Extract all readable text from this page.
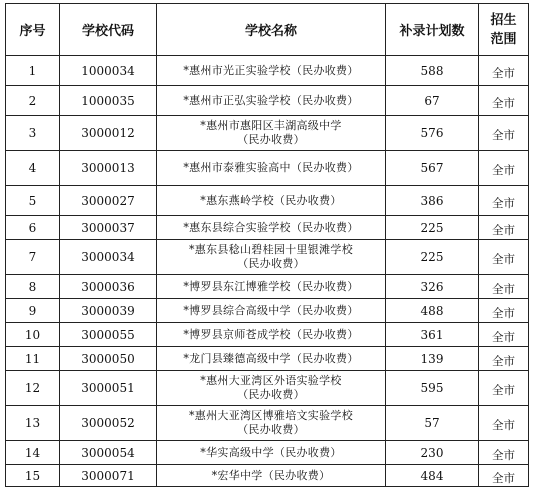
序号	学校代码	学校名称	补录计划数	招生
范围

1	1000034	*惠州市光正实验学校（民办收费）	588	全市
2	1000035	*惠州市正弘实验学校（民办收费）	67	全市
3	3000012	*惠州市惠阳区丰湖高级中学
（民办收费）	576	全市
4	3000013	*惠州市泰雅实验高中（民办收费）	567	全市
5	3000027	*惠东燕岭学校（民办收费）	386	全市
6	3000037	*惠东县综合实验学校（民办收费）	225	全市
7	3000034	*惠东县稔山碧桂园十里银滩学校
（民办收费）	225	全市
8	3000036	*博罗县东江博雅学校（民办收费）	326	全市
9	3000039	*博罗县综合高级中学（民办收费）	488	全市
10	3000055	*博罗县京师苍成学校（民办收费）	361	全市
11	3000050	*龙门县臻德高级中学（民办收费）	139	全市
12	3000051	*惠州大亚湾区外语实验学校
（民办收费）	595	全市
13	3000052	*惠州大亚湾区博雅培文实验学校
（民办收费）	57	全市
14	3000054	*华实高级中学（民办收费）	230	全市
15	3000071	*宏华中学（民办收费）	484	全市
